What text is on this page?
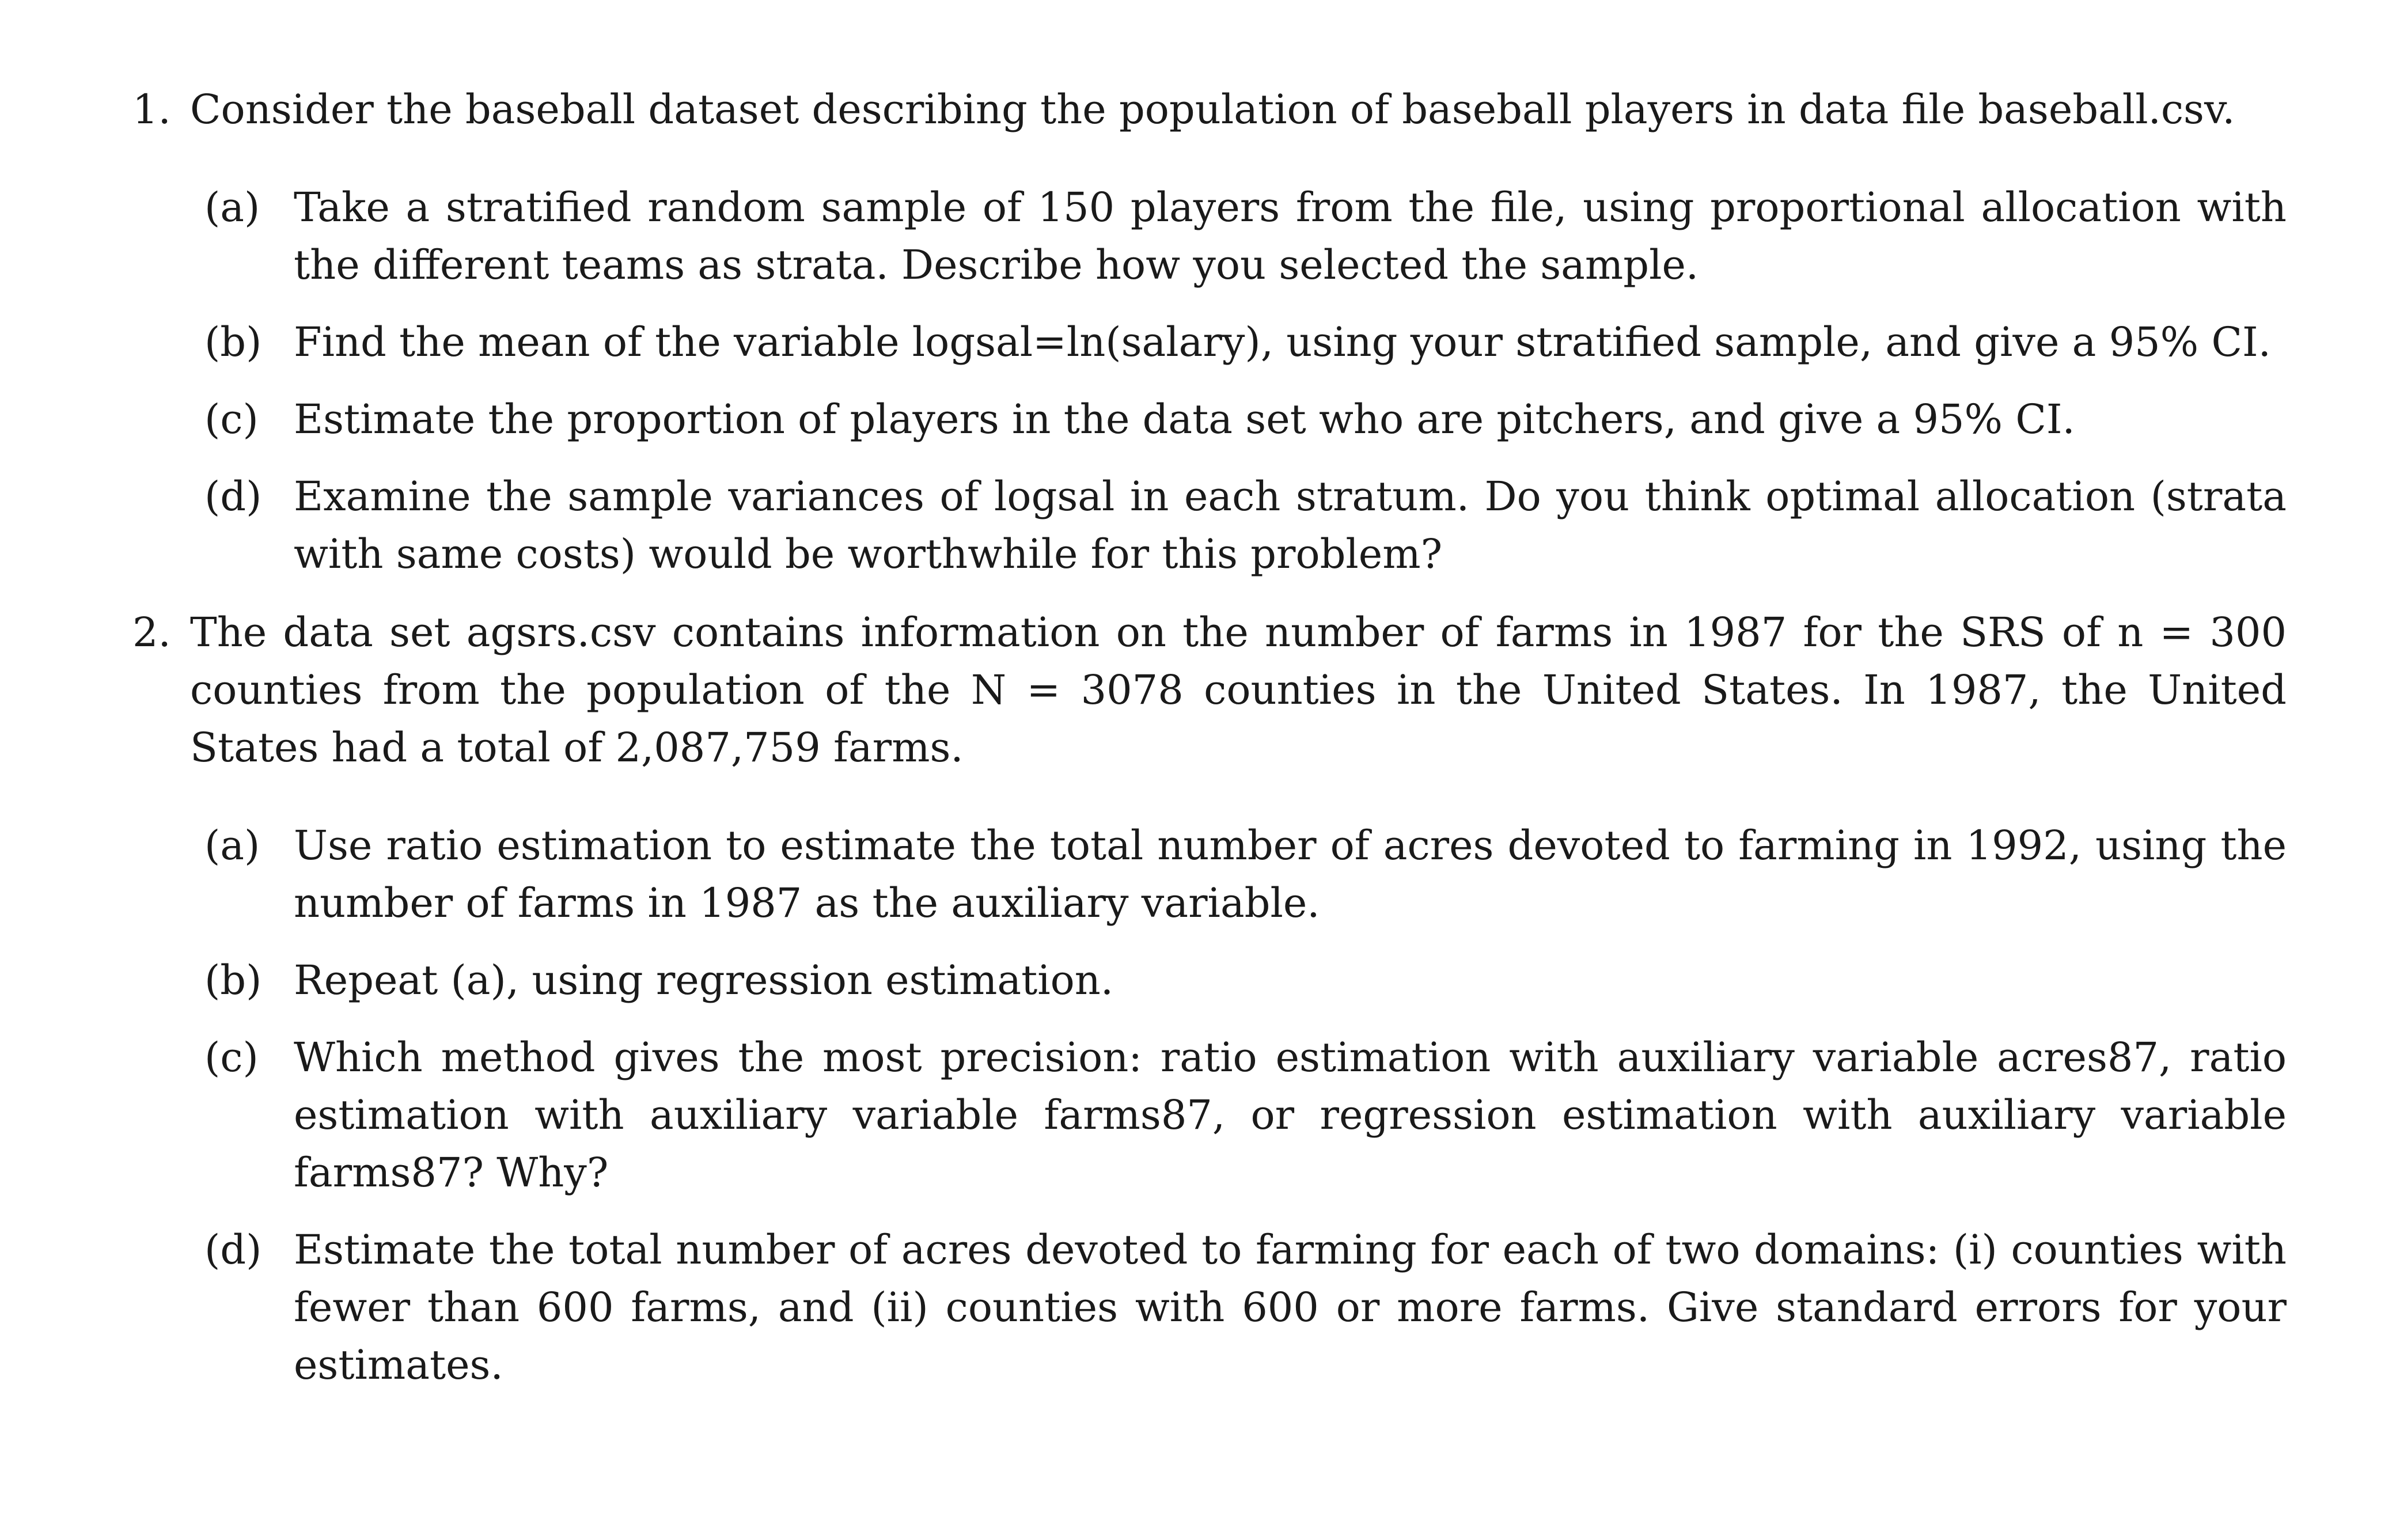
1. Consider the baseball dataset describing the population of baseball players in data file baseball.csv.
(a) Take a stratified random sample of 150 players from the file, using proportional allocation with the different teams as strata. Describe how you selected the sample.
(b) Find the mean of the variable logsal=ln(salary), using your stratified sample, and give a 95% CI.
(c) Estimate the proportion of players in the data set who are pitchers, and give a 95% CI.
(d) Examine the sample variances of logsal in each stratum. Do you think optimal allocation (strata with same costs) would be worthwhile for this problem?
2. The data set agsrs.csv contains information on the number of farms in 1987 for the SRS of n = 300 counties from the population of the N = 3078 counties in the United States. In 1987, the United States had a total of 2,087,759 farms.
(a) Use ratio estimation to estimate the total number of acres devoted to farming in 1992, using the number of farms in 1987 as the auxiliary variable.
(b) Repeat (a), using regression estimation.
(c) Which method gives the most precision: ratio estimation with auxiliary variable acres87, ratio estimation with auxiliary variable farms87, or regression estimation with auxiliary variable farms87? Why?
(d) Estimate the total number of acres devoted to farming for each of two domains: (i) counties with fewer than 600 farms, and (ii) counties with 600 or more farms. Give standard errors for your estimates.
